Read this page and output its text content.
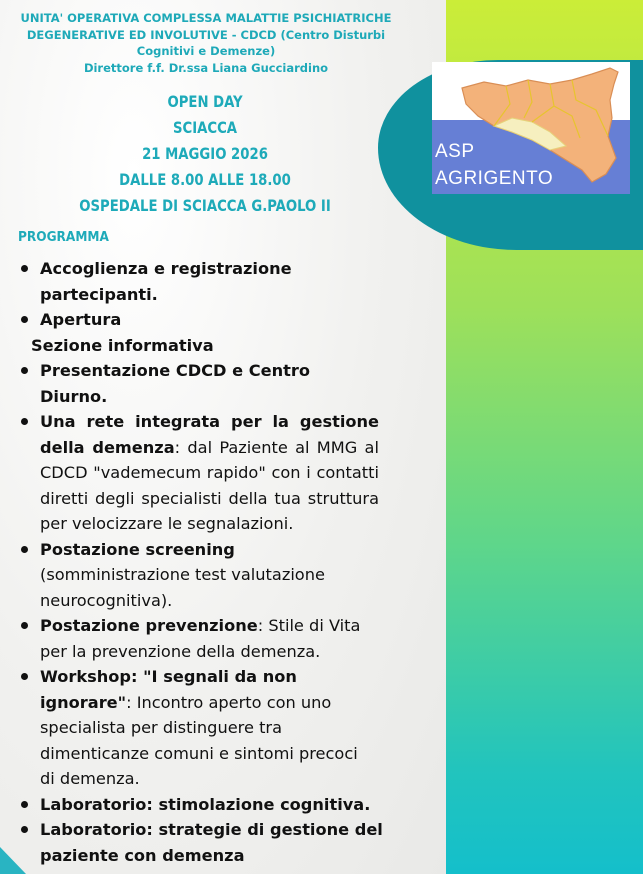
ASP
AGRIGENTO
UNITA' OPERATIVA COMPLESSA MALATTIE PSICHIATRICHE
DEGENERATIVE ED INVOLUTIVE - CDCD (Centro Disturbi
Cognitivi e Demenze)
Direttore f.f. Dr.ssa Liana Gucciardino
OPEN DAY
SCIACCA
21 MAGGIO 2026
DALLE 8.00 ALLE 18.00
OSPEDALE DI SCIACCA G.PAOLO II
PROGRAMMA
Accoglienza e registrazione partecipanti.
Apertura
Sezione informativa
Presentazione CDCD e Centro Diurno.
Una rete integrata per la gestione della demenza: dal Paziente al MMG al CDCD "vademecum rapido" con i contatti diretti degli specialisti della tua struttura per velocizzare le segnalazioni.
Postazione screening
(somministrazione test valutazione neurocognitiva).
Postazione prevenzione: Stile di Vita per la prevenzione della demenza.
Workshop: "I segnali da non ignorare": Incontro aperto con uno specialista per distinguere tra dimenticanze comuni e sintomi precoci di demenza.
Laboratorio: stimolazione cognitiva.
Laboratorio: strategie di gestione del paziente con demenza
